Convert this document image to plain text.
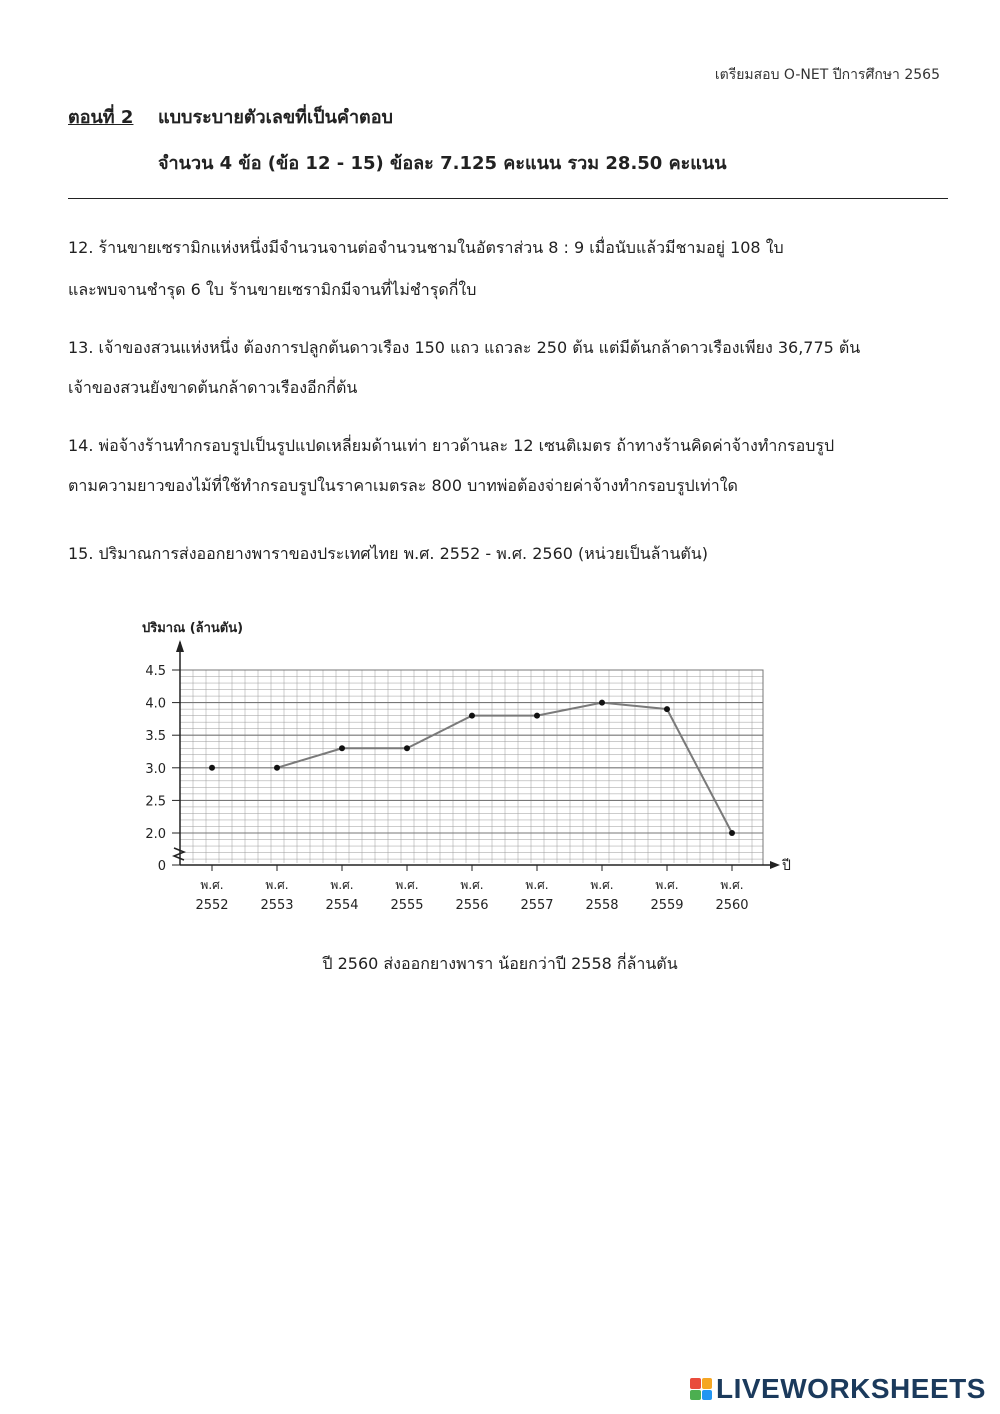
เตรียมสอบ O-NET ปีการศึกษา 2565
ตอนที่ 2 แบบระบายตัวเลขที่เป็นคำตอบ
จำนวน 4 ข้อ (ข้อ 12 - 15) ข้อละ 7.125 คะแนน รวม 28.50 คะแนน
12. ร้านขายเซรามิกแห่งหนึ่งมีจำนวนจานต่อจำนวนชามในอัตราส่วน 8 : 9 เมื่อนับแล้วมีชามอยู่ 108 ใบ
และพบจานชำรุด 6 ใบ ร้านขายเซรามิกมีจานที่ไม่ชำรุดกี่ใบ
13. เจ้าของสวนแห่งหนึ่ง ต้องการปลูกต้นดาวเรือง 150 แถว แถวละ 250 ต้น แต่มีต้นกล้าดาวเรืองเพียง 36,775 ต้น
เจ้าของสวนยังขาดต้นกล้าดาวเรืองอีกกี่ต้น
14. พ่อจ้างร้านทำกรอบรูปเป็นรูปแปดเหลี่ยมด้านเท่า ยาวด้านละ 12 เซนติเมตร ถ้าทางร้านคิดค่าจ้างทำกรอบรูป
ตามความยาวของไม้ที่ใช้ทำกรอบรูปในราคาเมตรละ 800 บาทพ่อต้องจ่ายค่าจ้างทำกรอบรูปเท่าใด
15. ปริมาณการส่งออกยางพาราของประเทศไทย พ.ศ. 2552 - พ.ศ. 2560 (หน่วยเป็นล้านตัน)
ปริมาณ (ล้านตัน)
ปี
4.5
4.0
3.5
3.0
2.5
2.0
0
พ.ศ.
2552
พ.ศ.
2553
พ.ศ.
2554
พ.ศ.
2555
พ.ศ.
2556
พ.ศ.
2557
พ.ศ.
2558
พ.ศ.
2559
พ.ศ.
2560
ปี 2560 ส่งออกยางพารา น้อยกว่าปี 2558 กี่ล้านตัน
LIVEWORKSHEETS
